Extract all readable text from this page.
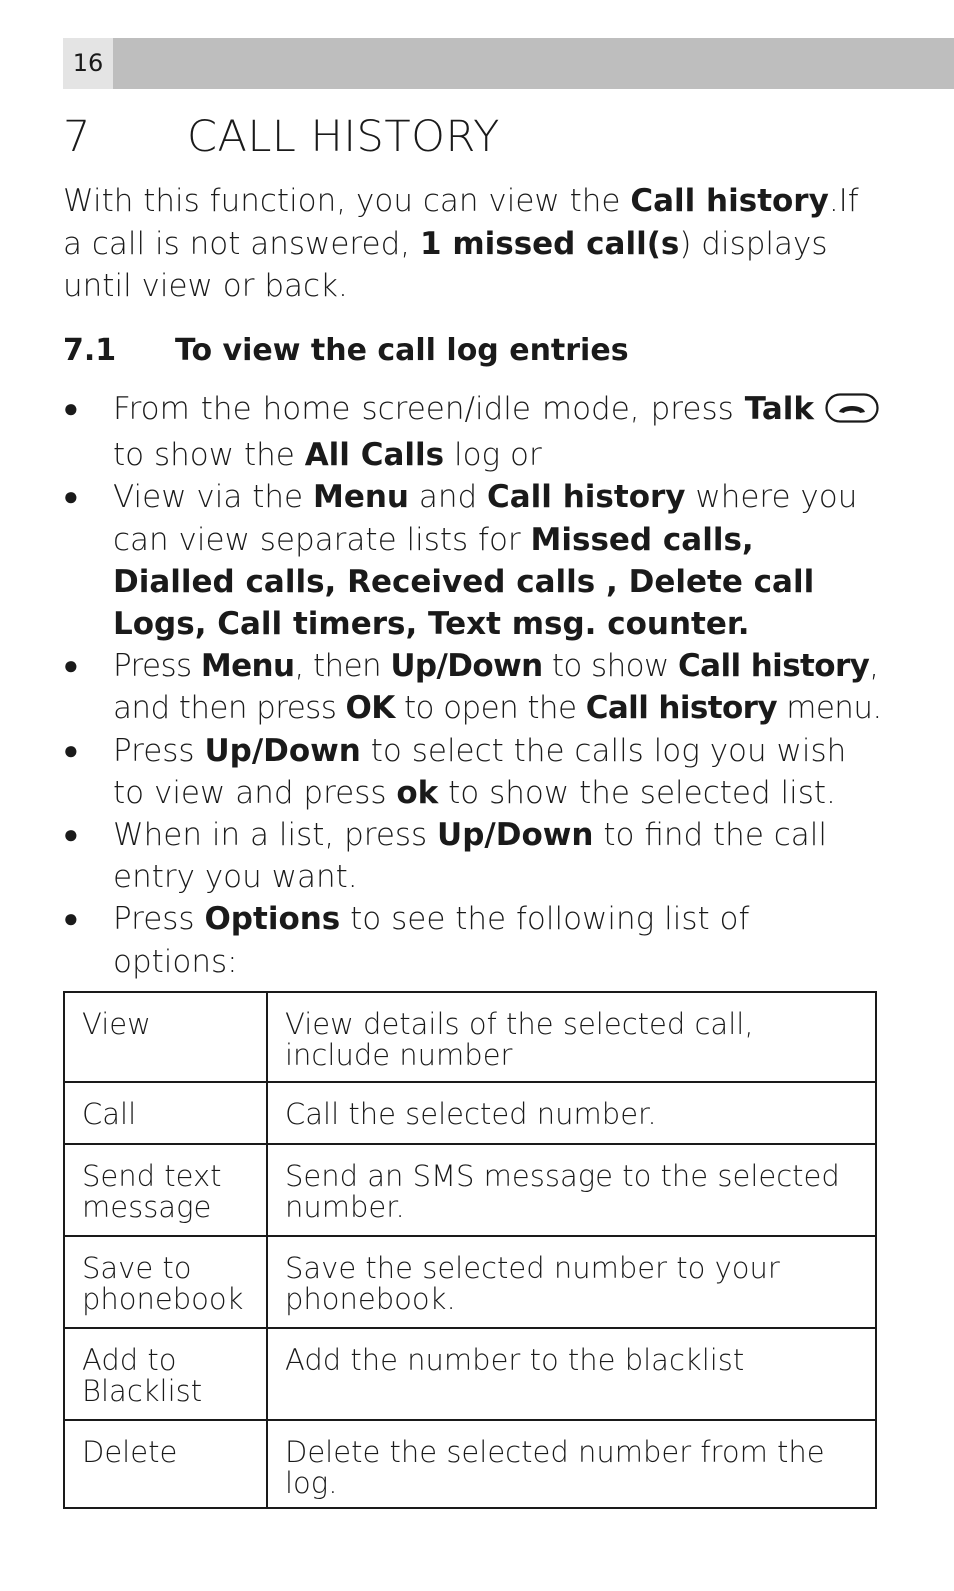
16
7 CALL HISTORY
With this function, you can view the Call history.If a call is not answered, 1 missed call(s) displays until view or back.
7.1 To view the call log entries
● From the home screen/idle mode, press Talk  to show the All Calls log or
● View via the Menu and Call history where you can view separate lists for Missed calls, Dialled calls, Received calls , Delete call Logs, Call timers, Text msg. counter.
● Press Menu, then Up/Down to show Call history, and then press OK to open the Call history menu.
● Press Up/Down to select the calls log you wish to view and press ok to show the selected list.
● When in a list, press Up/Down to find the call entry you want.
● Press Options to see the following list of options:
View	View details of the selected call, include number
Call	Call the selected number.
Send text message	Send an SMS message to the selected number.
Save to phonebook	Save the selected number to your phonebook.
Add to Blacklist	Add the number to the blacklist
Delete	Delete the selected number from the log.
